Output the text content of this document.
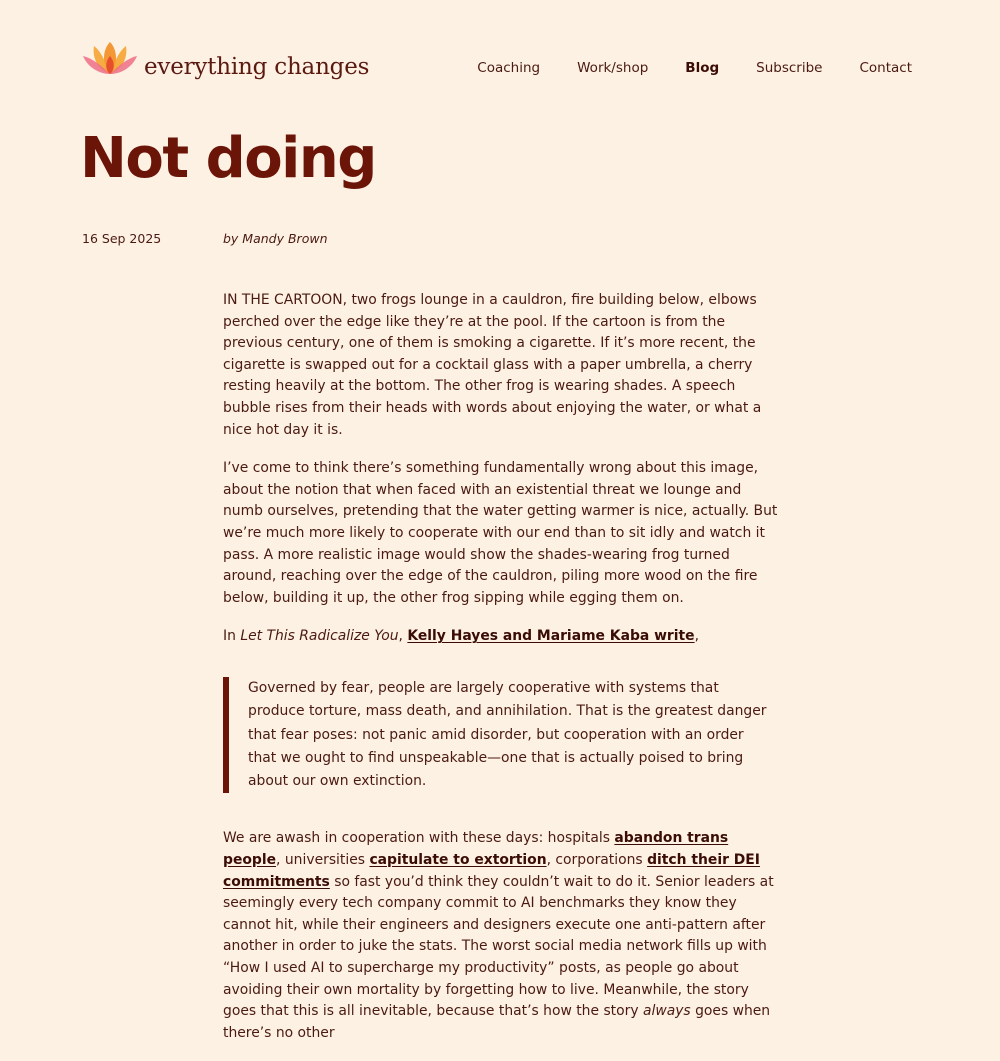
everything changes	Coaching	Work/shop	Blog	Subscribe	Contact
Not doing
16 Sep 2025	by Mandy Brown

IN THE CARTOON, two frogs lounge in a cauldron, fire building below, elbows perched over the edge like they’re at the pool. If the cartoon is from the previous century, one of them is smoking a cigarette. If it’s more recent, the cigarette is swapped out for a cocktail glass with a paper umbrella, a cherry resting heavily at the bottom. The other frog is wearing shades. A speech bubble rises from their heads with words about enjoying the water, or what a nice hot day it is.

I’ve come to think there’s something fundamentally wrong about this image, about the notion that when faced with an existential threat we lounge and numb ourselves, pretending that the water getting warmer is nice, actually. But we’re much more likely to cooperate with our end than to sit idly and watch it pass. A more realistic image would show the shades-wearing frog turned around, reaching over the edge of the cauldron, piling more wood on the fire below, building it up, the other frog sipping while egging them on.

In Let This Radicalize You, Kelly Hayes and Mariame Kaba write,

Governed by fear, people are largely cooperative with systems that produce torture, mass death, and annihilation. That is the greatest danger that fear poses: not panic amid disorder, but cooperation with an order that we ought to find unspeakable—one that is actually poised to bring about our own extinction.

We are awash in cooperation with these days: hospitals abandon trans people, universities capitulate to extortion, corporations ditch their DEI commitments so fast you’d think they couldn’t wait to do it. Senior leaders at seemingly every tech company commit to AI benchmarks they know they cannot hit, while their engineers and designers execute one anti-pattern after another in order to juke the stats. The worst social media network fills up with “How I used AI to supercharge my productivity” posts, as people go about avoiding their own mortality by forgetting how to live. Meanwhile, the story goes that this is all inevitable, because that’s how the story always goes when there’s no other
